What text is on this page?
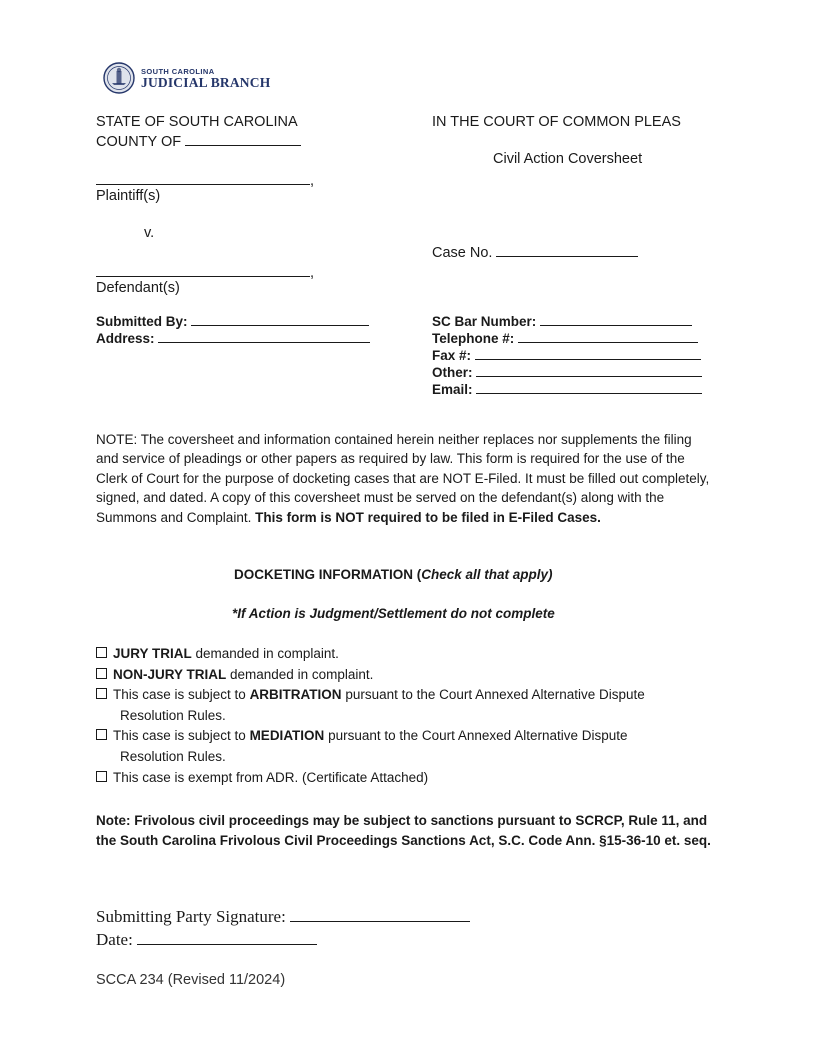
SOUTH CAROLINA
JUDICIAL BRANCH
STATE OF SOUTH CAROLINA
COUNTY OF
IN THE COURT OF COMMON PLEAS
Civil Action Coversheet
,
Plaintiff(s)
v.
Case No.
,
Defendant(s)
Submitted By:
Address:
SC Bar Number:
Telephone #:
Fax #:
Other:
Email:

NOTE: The coversheet and information contained herein neither replaces nor supplements the filing and service of pleadings or other papers as required by law. This form is required for the use of the Clerk of Court for the purpose of docketing cases that are NOT E-Filed. It must be filled out completely, signed, and dated. A copy of this coversheet must be served on the defendant(s) along with the Summons and Complaint. This form is NOT required to be filed in E-Filed Cases.

DOCKETING INFORMATION (Check all that apply)
*If Action is Judgment/Settlement do not complete
JURY TRIAL demanded in complaint.
NON-JURY TRIAL demanded in complaint.
This case is subject to ARBITRATION pursuant to the Court Annexed Alternative Dispute
Resolution Rules.
This case is subject to MEDIATION pursuant to the Court Annexed Alternative Dispute
Resolution Rules.
This case is exempt from ADR. (Certificate Attached)
Note: Frivolous civil proceedings may be subject to sanctions pursuant to SCRCP, Rule 11, and the South Carolina Frivolous Civil Proceedings Sanctions Act, S.C. Code Ann. §15-36-10 et. seq.
Submitting Party Signature:
Date:
SCCA 234 (Revised 11/2024)
